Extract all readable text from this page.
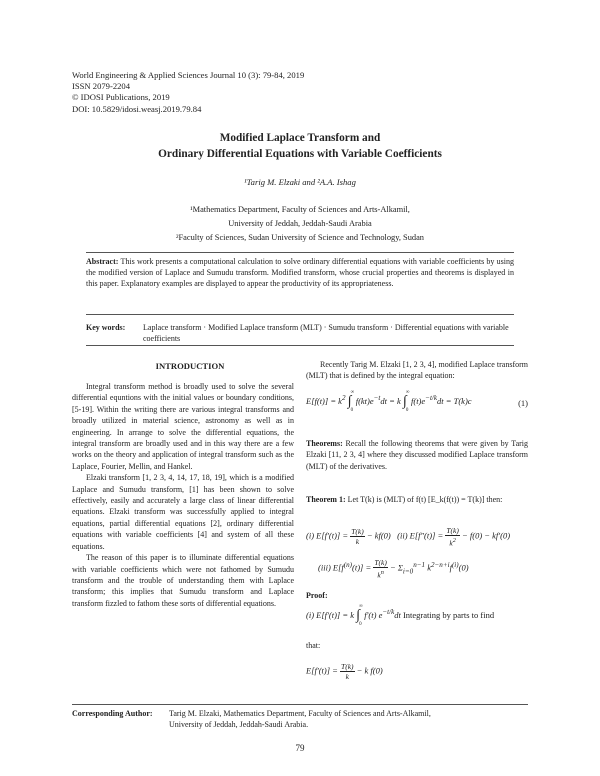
World Engineering & Applied Sciences Journal 10 (3): 79-84, 2019
ISSN 2079-2204
© IDOSI Publications, 2019
DOI: 10.5829/idosi.weasj.2019.79.84
Modified Laplace Transform and
Ordinary Differential Equations with Variable Coefficients
¹Tarig M. Elzaki and ²A.A. Ishag
¹Mathematics Department, Faculty of Sciences and Arts-Alkamil,
University of Jeddah, Jeddah-Saudi Arabia
²Faculty of Sciences, Sudan University of Science and Technology, Sudan
Abstract: This work presents a computational calculation to solve ordinary differential equations with variable coefficients by using the modified version of Laplace and Sumudu transform. Modified transform, whose crucial properties and theorems is displayed in this paper. Explanatory examples are displayed to appear the productivity of its appropriateness.
Key words: Laplace transform · Modified Laplace transform (MLT) · Sumudu transform · Differential equations with variable coefficients
INTRODUCTION

Integral transform method is broadly used to solve the several differential equntions with the initial values or boundary conditions, [5-19]. Within the writing there are various integral transforms and broadly utilized in material science, astronomy as well as in engineering. In arrange to solve the differential equations, the integral transform are broadly used and in this way there are a few works on the theory and application of integral transform such as the Laplace, Fourier, Mellin, and Hankel.

Elzaki transform [1, 2 3, 4, 14, 17, 18, 19], which is a modified Laplace and Sumudu transform, [1] has been shown to solve effectively, easily and accurately a large class of linear differential equations. Elzaki transform was successfully applied to integral equations, partial differential equations [2], ordinary differential equations with variable coefficients [4] and system of all these equations.

The reason of this paper is to illuminate differential equations with variable coefficients which were not fathomed by Sumudu transform and the trouble of understanding them with Laplace transform; this implies that Sumudu transform and Laplace transform fizzled to fathom these sorts of differential equations.

Recently Tarig M. Elzaki [1, 2 3, 4], modified Laplace transform (MLT) that is defined by the integral equation:

$E[f(t)] = k^2$ ∫
∞
0
$f(kt)e^{-t}dt = k$ ∫
∞
0
$f(t)e^{-t/k}dt = T(k)c$	(1)

Theorems: Recall the following theorems that were given by Tarig Elzaki [11, 2 3, 4] where they discussed modified Laplace transform (MLT) of the derivatives.

Theorem 1: Let T(k) is (MLT) of f(t) [E_k(f(t)) = T(k)] then:

(i) $E[f'(t)] = \frac{T(k)}{k} - kf(0)$   (ii) $E[f''(t)] = \frac{T(k)}{k^2} - f(0) - kf'(0)$
(iii) $E[f^{(n)}(t)] = \frac{T(k)}{k^n} - \Sigma_{i=0}^{n-1}$ $k^{2-n+i}f^{(i)}(0)$

Proof:

(i) E[f′(t)] = k ∫
∞
0
f′(t) $e^{-t/k}dt$ Integrating by parts to find

that:

$E[f'(t)] = \frac{T(k)}{k} - k$ f(0)
Corresponding Author: Tarig M. Elzaki, Mathematics Department, Faculty of Sciences and Arts-Alkamil,
University of Jeddah, Jeddah-Saudi Arabia.
79
